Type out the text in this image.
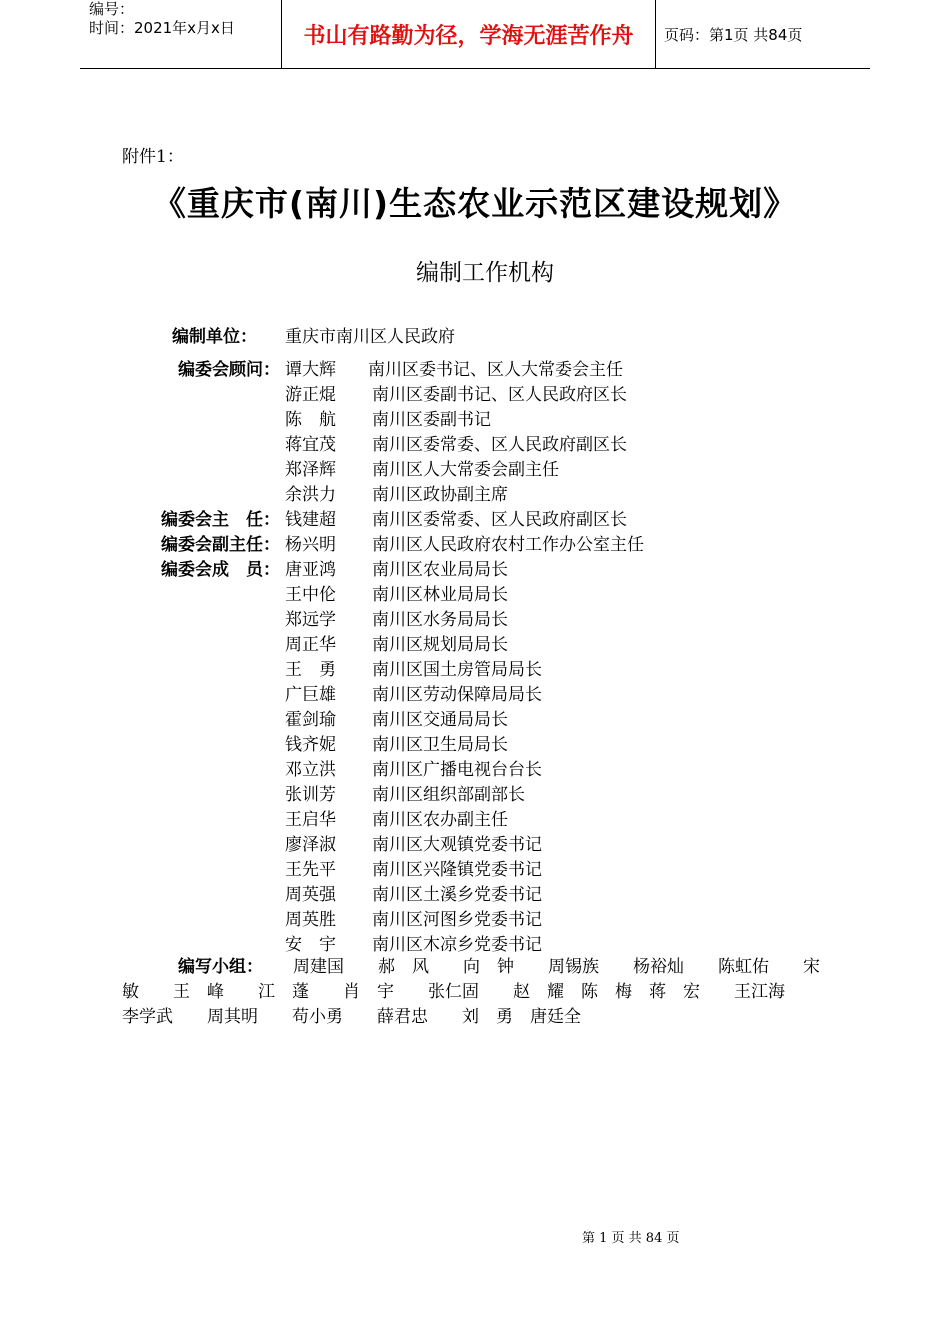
编号：
时间：2021年x月x日	书山有路勤为径，学海无涯苦作舟	页码：第1页 共84页
附件1：
《重庆市(南川)生态农业示范区建设规划》
编制工作机构
编制单位： 重庆市南川区人民政府
编委会顾问： 谭大辉 南川区委书记、区人大常委会主任
游正焜 南川区委副书记、区人民政府区长
陈　航 南川区委副书记
蒋宜茂 南川区委常委、区人民政府副区长
郑泽辉 南川区人大常委会副主任
余洪力 南川区政协副主席
编委会主　任： 钱建超 南川区委常委、区人民政府副区长
编委会副主任： 杨兴明 南川区人民政府农村工作办公室主任
编委会成　员： 唐亚鸿 南川区农业局局长
王中伦 南川区林业局局长
郑远学 南川区水务局局长
周正华 南川区规划局局长
王　勇 南川区国土房管局局长
广巨雄 南川区劳动保障局局长
霍剑瑜 南川区交通局局长
钱齐妮 南川区卫生局局长
邓立洪 南川区广播电视台台长
张训芳 南川区组织部副部长
王启华 南川区农办副主任
廖泽淑 南川区大观镇党委书记
王先平 南川区兴隆镇党委书记
周英强 南川区土溪乡党委书记
周英胜 南川区河图乡党委书记
安　宇 南川区木凉乡党委书记
编写小组： 周建国　　郝　风　　向　钟　　周锡族　　杨裕灿　　陈虹佑　　宋　敏　　王　峰　　江　蓬　　肖　宇　　张仁固　　赵　耀　陈　梅　蒋　宏　　王江海　　李学武　　周其明　　苟小勇　　薛君忠　　刘　勇　唐廷全
第 1 页 共 84 页
